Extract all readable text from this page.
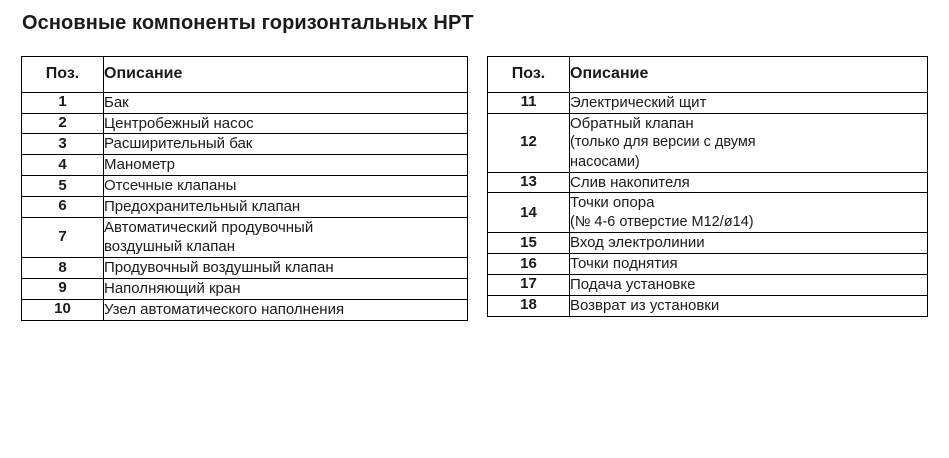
Основные компоненты горизонтальных HPT
Поз.	Описание
1	Бак

2	Центробежный насос

3	Расширительный бак

4	Манометр

5	Отсечные клапаны

6	Предохранительный клапан

7	Автоматический продувочный
воздушный клапан

8	Продувочный воздушный клапан

9	Наполняющий кран

10	Узел автоматического наполнения
Поз.	Описание
11	Электрический щит

12	Обратный клапан
(только для версии с двумя
насосами)

13	Слив накопителя

14	Точки опора
(№ 4-6 отверстие М12/ø14)

15	Вход электролинии

16	Точки поднятия

17	Подача установке

18	Возврат из установки
